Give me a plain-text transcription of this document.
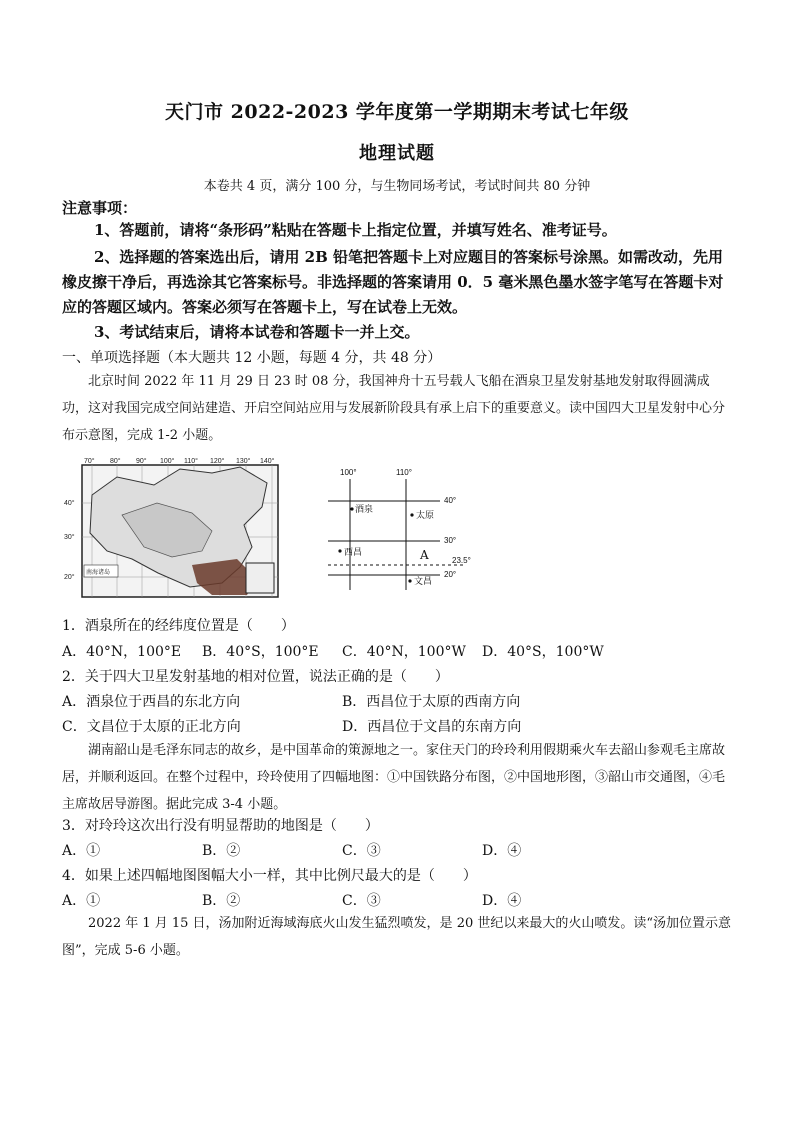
天门市 2022-2023 学年度第一学期期末考试七年级
地理试题
本卷共 4 页，满分 100 分，与生物同场考试，考试时间共 80 分钟
注意事项：
1、答题前，请将“条形码”粘贴在答题卡上指定位置，并填写姓名、准考证号。
2、选择题的答案选出后，请用 2B 铅笔把答题卡上对应题目的答案标号涂黑。如需改动，先用橡皮擦干净后，再选涂其它答案标号。非选择题的答案请用 0．5 毫米黑色墨水签字笔写在答题卡对应的答题区域内。答案必须写在答题卡上，写在试卷上无效。
3、考试结束后，请将本试卷和答题卡一并上交。
一、单项选择题（本大题共 12 小题，每题 4 分，共 48 分）
北京时间 2022 年 11 月 29 日 23 时 08 分，我国神舟十五号载人飞船在酒泉卫星发射基地发射取得圆满成功，这对我国完成空间站建造、开启空间站应用与发展新阶段具有承上启下的重要意义。读中国四大卫星发射中心分布示意图，完成 1-2 小题。
南海诸岛
70° 80° 90° 100° 110° 120° 130° 140°
40°
30°
20°
100°	110°
40°
30°
23.5°
20°
酒泉
太原
西昌
文昌
A
1．酒泉所在的经纬度位置是（　　）
A．40°N，100°E B．40°S，100°E C．40°N，100°W D．40°S，100°W
2．关于四大卫星发射基地的相对位置，说法正确的是（　　）
A．酒泉位于西昌的东北方向	B．西昌位于太原的西南方向
C．文昌位于太原的正北方向	D．西昌位于文昌的东南方向
湖南韶山是毛泽东同志的故乡，是中国革命的策源地之一。家住天门的玲玲利用假期乘火车去韶山参观毛主席故居，并顺利返回。在整个过程中，玲玲使用了四幅地图：①中国铁路分布图，②中国地形图，③韶山市交通图，④毛主席故居导游图。据此完成 3-4 小题。
3．对玲玲这次出行没有明显帮助的地图是（　　）
A．①	B．②	C．③	D．④
4．如果上述四幅地图图幅大小一样，其中比例尺最大的是（　　）
A．①	B．②	C．③	D．④
2022 年 1 月 15 日，汤加附近海域海底火山发生猛烈喷发，是 20 世纪以来最大的火山喷发。读“汤加位置示意图”，完成 5-6 小题。
